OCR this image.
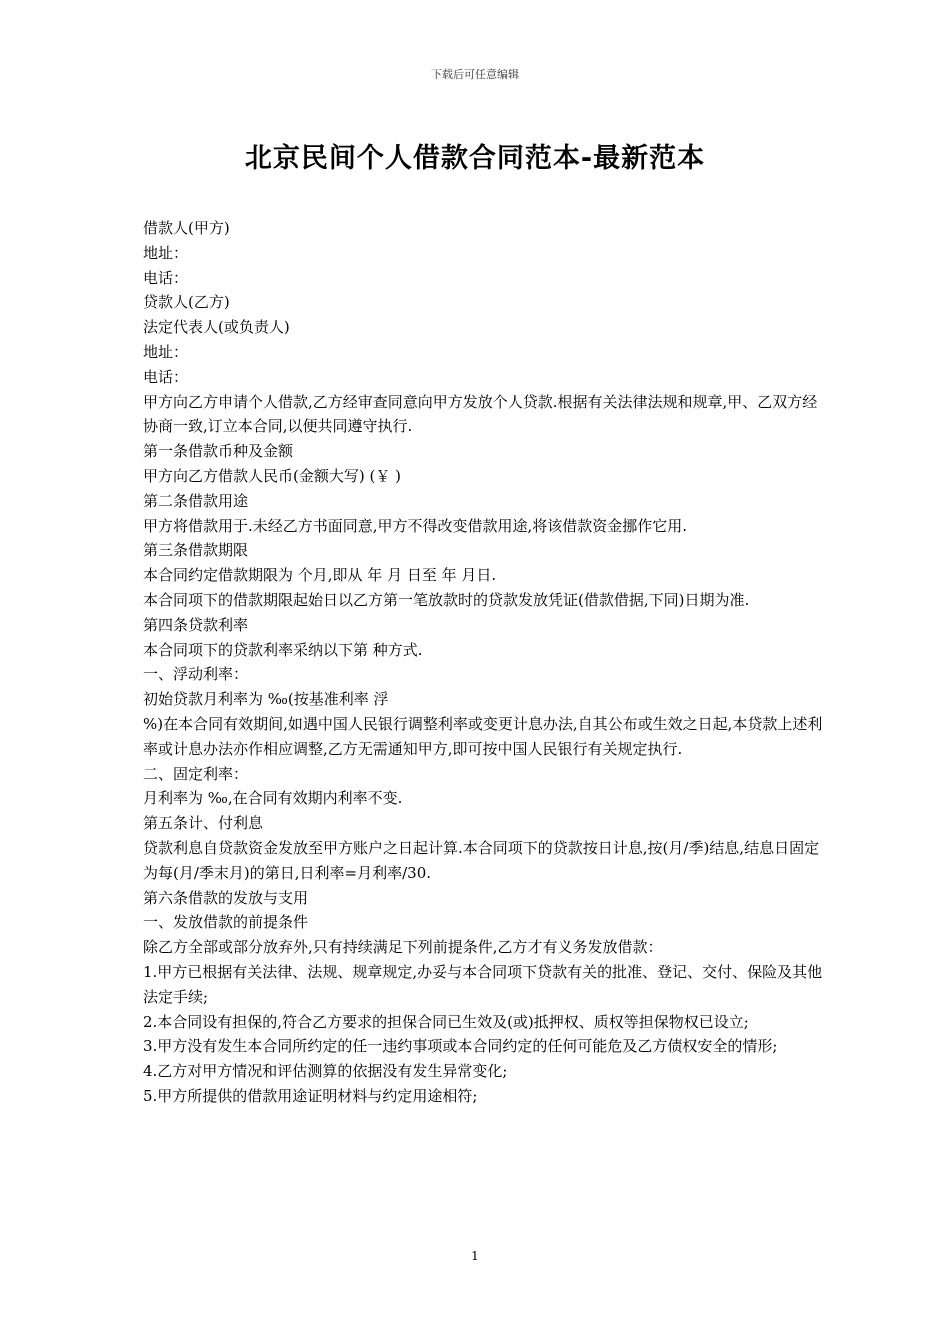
下载后可任意编辑
北京民间个人借款合同范本-最新范本

借款人(甲方)

地址：

电话：

贷款人(乙方)

法定代表人(或负责人)

地址：

电话：

甲方向乙方申请个人借款,乙方经审查同意向甲方发放个人贷款.根据有关法律法规和规章,甲、乙双方经协商一致,订立本合同,以便共同遵守执行.

第一条借款币种及金额

甲方向乙方借款人民币(金额大写) (￥ )

第二条借款用途

甲方将借款用于.未经乙方书面同意,甲方不得改变借款用途,将该借款资金挪作它用.

第三条借款期限

本合同约定借款期限为 个月,即从 年 月 日至 年 月日.

本合同项下的借款期限起始日以乙方第一笔放款时的贷款发放凭证(借款借据,下同)日期为准.

第四条贷款利率

本合同项下的贷款利率采纳以下第 种方式.

一、浮动利率：

初始贷款月利率为 ‰(按基准利率 浮

%)在本合同有效期间,如遇中国人民银行调整利率或变更计息办法,自其公布或生效之日起,本贷款上述利率或计息办法亦作相应调整,乙方无需通知甲方,即可按中国人民银行有关规定执行.

二、固定利率：

月利率为 ‰,在合同有效期内利率不变.

第五条计、付利息

贷款利息自贷款资金发放至甲方账户之日起计算.本合同项下的贷款按日计息,按(月/季)结息,结息日固定为每(月/季末月)的第日,日利率=月利率/30.

第六条借款的发放与支用

一、发放借款的前提条件

除乙方全部或部分放弃外,只有持续满足下列前提条件,乙方才有义务发放借款：

1.甲方已根据有关法律、法规、规章规定,办妥与本合同项下贷款有关的批准、登记、交付、保险及其他法定手续;

2.本合同设有担保的,符合乙方要求的担保合同已生效及(或)抵押权、质权等担保物权已设立;

3.甲方没有发生本合同所约定的任一违约事项或本合同约定的任何可能危及乙方债权安全的情形;

4.乙方对甲方情况和评估测算的依据没有发生异常变化;

5.甲方所提供的借款用途证明材料与约定用途相符;

1
